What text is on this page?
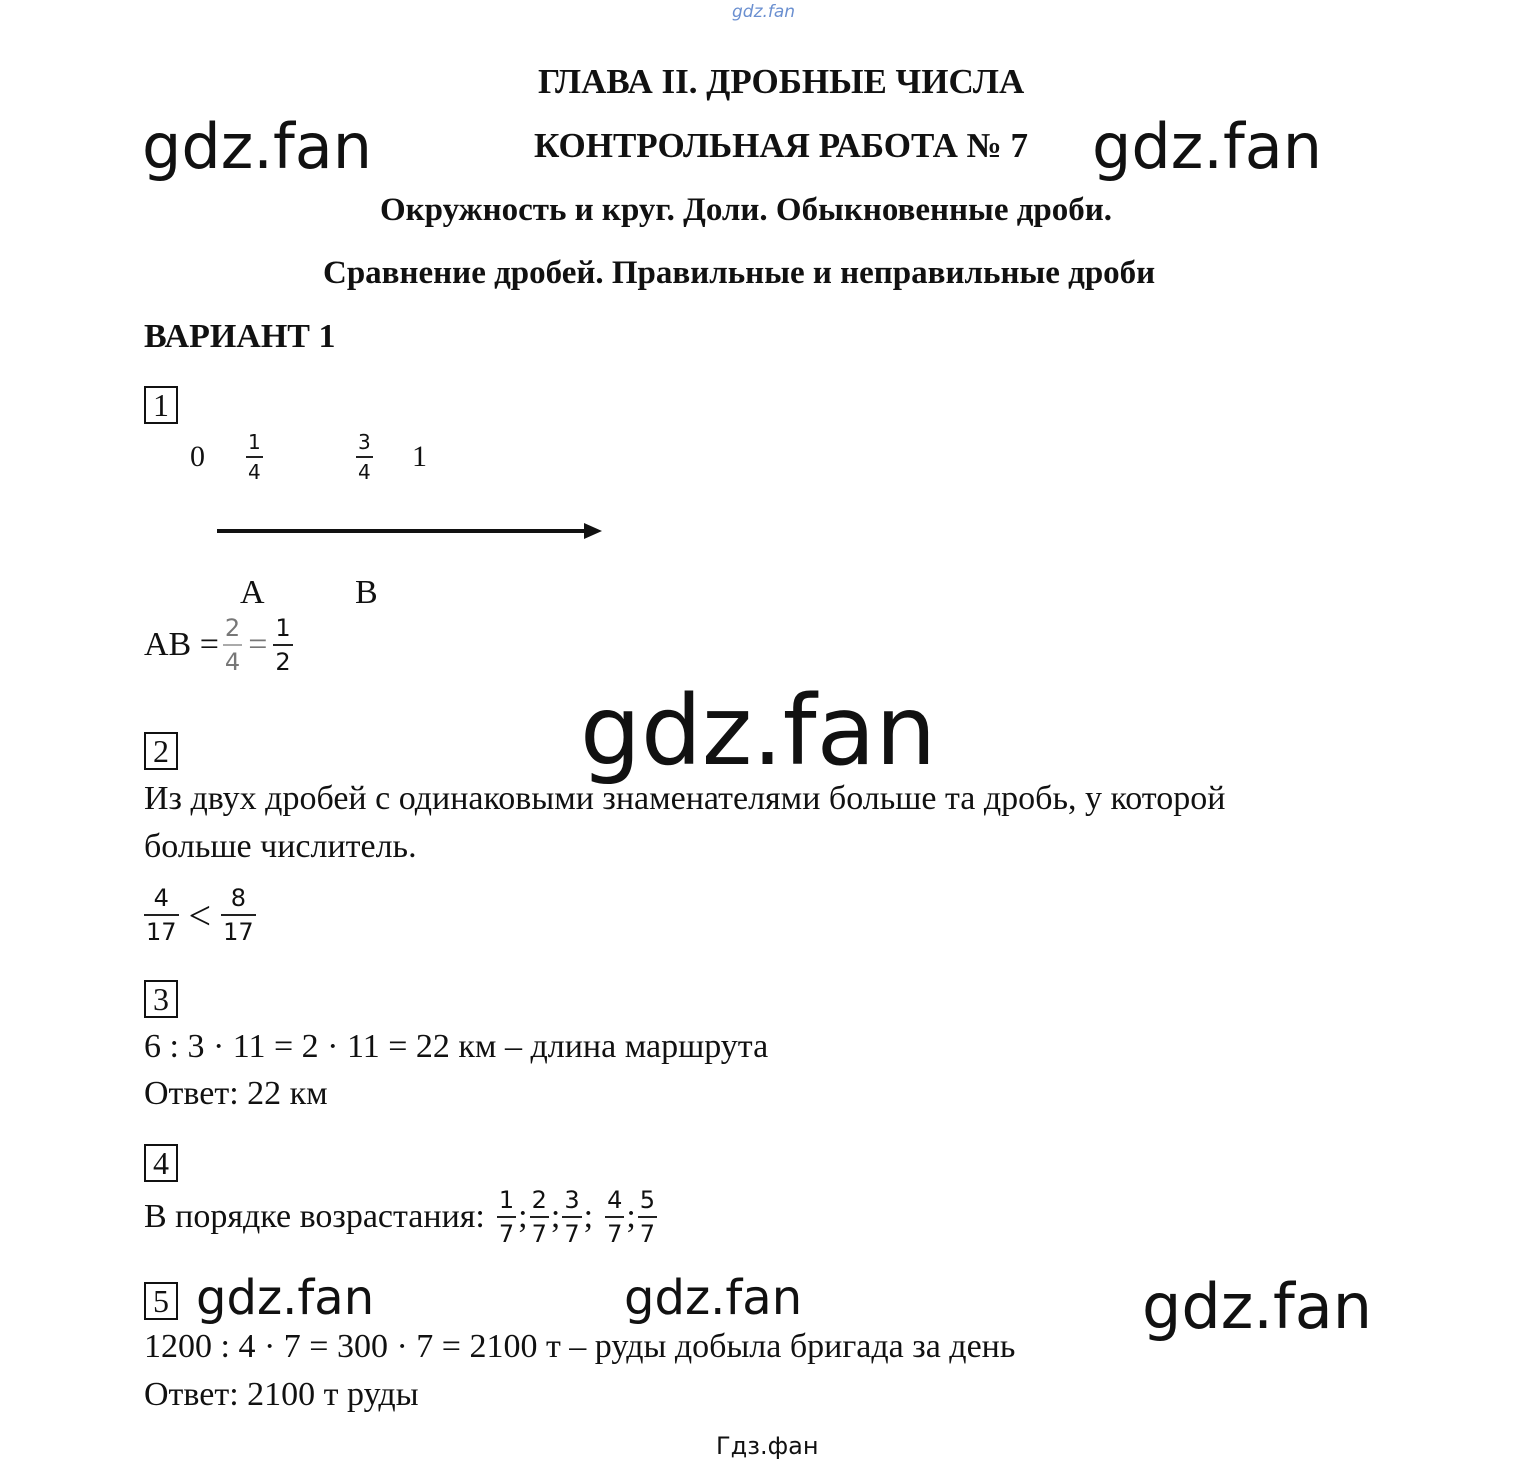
gdz.fan
gdz.fan	gdz.fan
gdz.fan
ГЛАВА II. ДРОБНЫЕ ЧИСЛА
КОНТРОЛЬНАЯ РАБОТА № 7
Окружность и круг. Доли. Обыкновенные дроби.
Сравнение дробей. Правильные и неправильные дроби
ВАРИАНТ 1
1
$0 \frac{1}{4}$	$\frac{3}{4} 1$
A	B
AB = $\frac{2}{4} = \frac{1}{2}$
2
Из двух дробей с одинаковыми знаменателями больше та дробь, у которой
больше числитель.
$\frac{4}{17} < \frac{8}{17}$
3
6 : 3 · 11 = 2 · 11 = 22 км – длина маршрута
Ответ: 22 км
4
В порядке возрастания: $\frac{1}{7}$ ; $\frac{2}{7}$ ; $\frac{3}{7}$ ; $\frac{4}{7}$ ; $\frac{5}{7}$
5 gdz.fan	gdz.fan	gdz.fan
1200 : 4 · 7 = 300 · 7 = 2100 т – руды добыла бригада за день
Ответ: 2100 т руды
Гдз.фан
